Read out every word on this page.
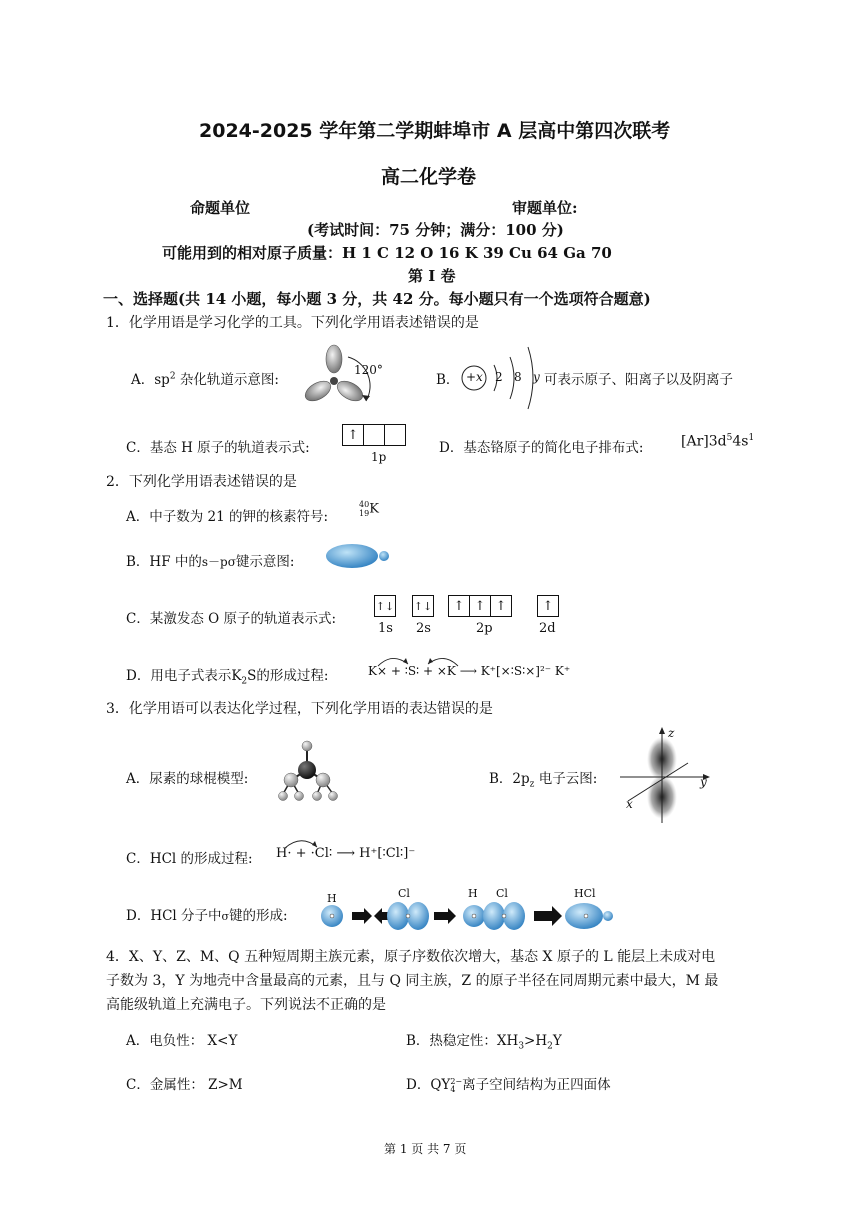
2024-2025 学年第二学期蚌埠市 A 层高中第四次联考
高二化学卷
命题单位	审题单位:
(考试时间：75 分钟；满分：100 分)
可能用到的相对原子质量：H 1 C 12 O 16 K 39 Cu 64 Ga 70
第 I 卷
一、选择题(共 14 小题，每小题 3 分，共 42 分。每小题只有一个选项符合题意)
1．化学用语是学习化学的工具。下列化学用语表述错误的是
A．$sp^2$ 杂化轨道示意图:
120°
B． +x 2 8 y 可表示原子、阳离子以及阴离子
C．基态 H 原子的轨道表示式:
↑
1p
D．基态铬原子的简化电子排布式:	$[Ar]3d^54s^1$
2．下列化学用语表述错误的是
A．中子数为 21 的钾的核素符号:
40
19K
B．HF 中的s－pσ键示意图:
C．某激发态 O 原子的轨道表示式:
↑↓ ↑↓	↑ ↑ ↑	↑
1s 2s	2p	2d
D．用电子式表示$K_2S$的形成过程:	K× + ∶S∶ + ×K ⟶ K⁺[×∶S∶×]²⁻ K⁺
3．化学用语可以表达化学过程，下列化学用语的表达错误的是
A．尿素的球棍模型:	B．$2p_z$ 电子云图:
z
y
x
C．HCl 的形成过程: H· + ·Cl∶ ⟶ H⁺[∶Cl∶]⁻
D．HCl 分子中σ键的形成:
H	Cl	H Cl	HCl
4．X、Y、Z、M、Q 五种短周期主族元素，原子序数依次增大，基态 X 原子的 L 能层上未成对电
子数为 3，Y 为地壳中含量最高的元素，且与 Q 同主族，Z 的原子半径在同周期元素中最大，M 最
高能级轨道上充满电子。下列说法不正确的是
A．电负性： X<Y	B．热稳定性：$XH_3>H_2Y$
C．金属性： Z>M	D．QY2−
4 离子空间结构为正四面体
第 1 页 共 7 页
